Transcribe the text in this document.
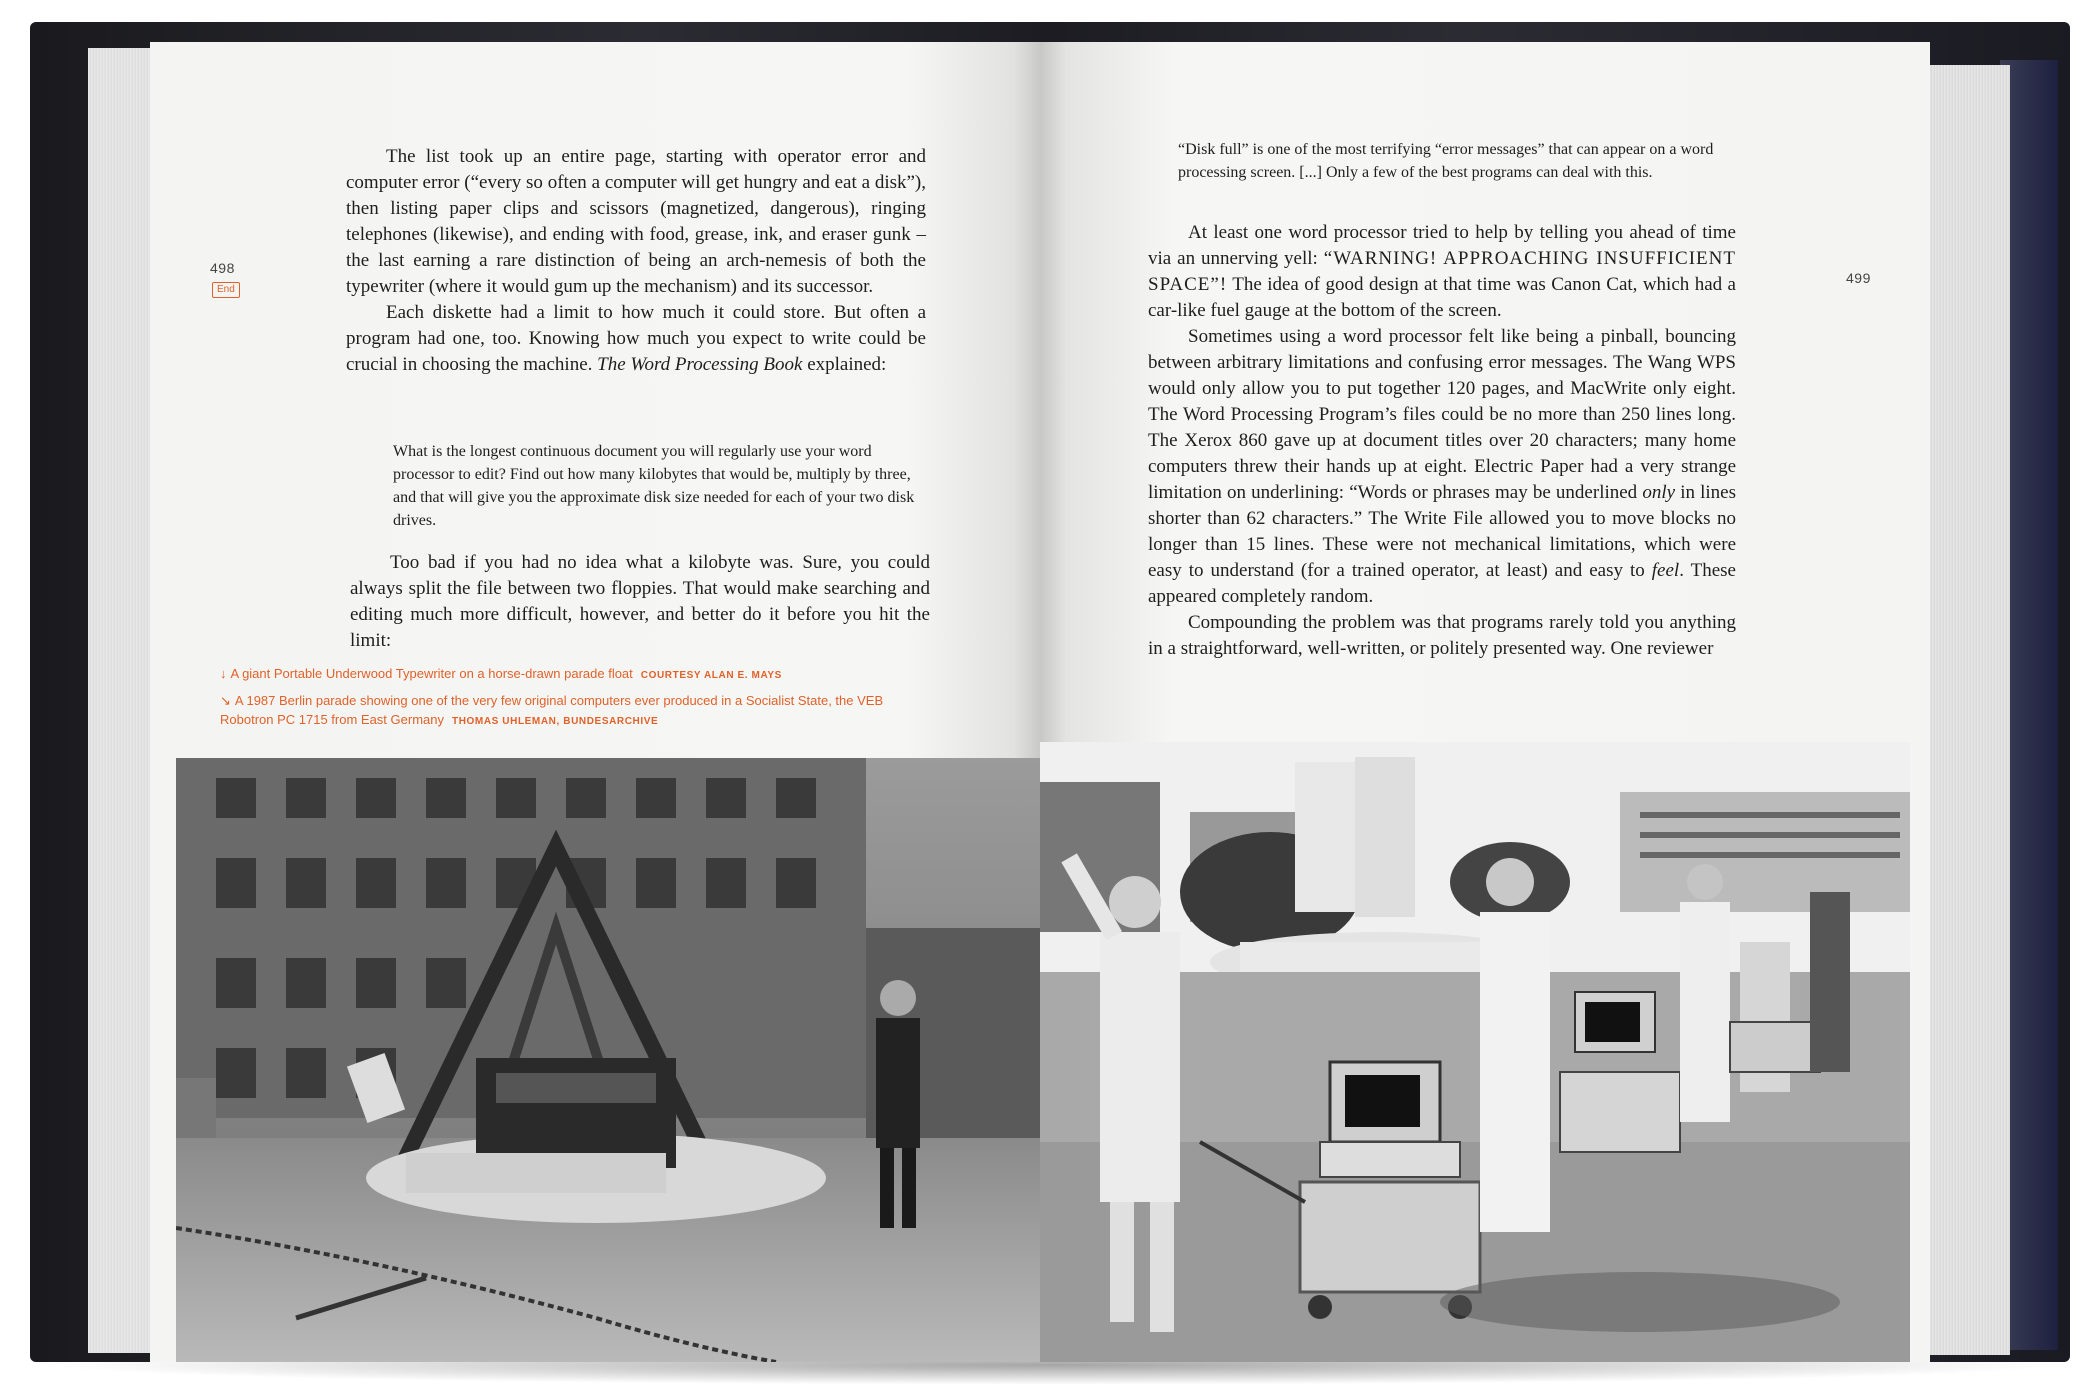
498
End

The list took up an entire page, starting with operator error and computer error (“every so often a computer will get hungry and eat a disk”), then listing paper clips and scissors (magnetized, dangerous), ringing telephones (likewise), and ending with food, grease, ink, and eraser gunk – the last earning a rare distinction of being an arch-nemesis of both the typewriter (where it would gum up the mechanism) and its successor.

Each diskette had a limit to how much it could store. But often a program had one, too. Knowing how much you expect to write could be crucial in choosing the machine. The Word Processing Book explained:

What is the longest continuous document you will regularly use your word processor to edit? Find out how many kilobytes that would be, multiply by three, and that will give you the approximate disk size needed for each of your two disk drives.

Too bad if you had no idea what a kilobyte was. Sure, you could always split the file between two floppies. That would make searching and editing much more difficult, however, and better do it before you hit the limit:

↓ A giant Portable Underwood Typewriter on a horse-drawn parade float COURTESY ALAN E. MAYS
↘ A 1987 Berlin parade showing one of the very few original computers ever produced in a Socialist State, the VEB Robotron PC 1715 from East Germany THOMAS UHLEMAN, BUNDESARCHIVE
499

“Disk full” is one of the most terrifying “error messages” that can appear on a word processing screen. [...] Only a few of the best programs can deal with this.

At least one word processor tried to help by telling you ahead of time via an unnerving yell: “WARNING! APPROACHING INSUFFICIENT SPACE”! The idea of good design at that time was Canon Cat, which had a car-like fuel gauge at the bottom of the screen.

Sometimes using a word processor felt like being a pinball, bouncing between arbitrary limitations and confusing error messages. The Wang WPS would only allow you to put together 120 pages, and MacWrite only eight. The Word Processing Program’s files could be no more than 250 lines long. The Xerox 860 gave up at document titles over 20 characters; many home computers threw their hands up at eight. Electric Paper had a very strange limitation on underlining: “Words or phrases may be underlined only in lines shorter than 62 characters.” The Write File allowed you to move blocks no longer than 15 lines. These were not mechanical limitations, which were easy to understand (for a trained operator, at least) and easy to feel. These appeared completely random.

Compounding the problem was that programs rarely told you anything in a straightforward, well-written, or politely presented way. One reviewer
